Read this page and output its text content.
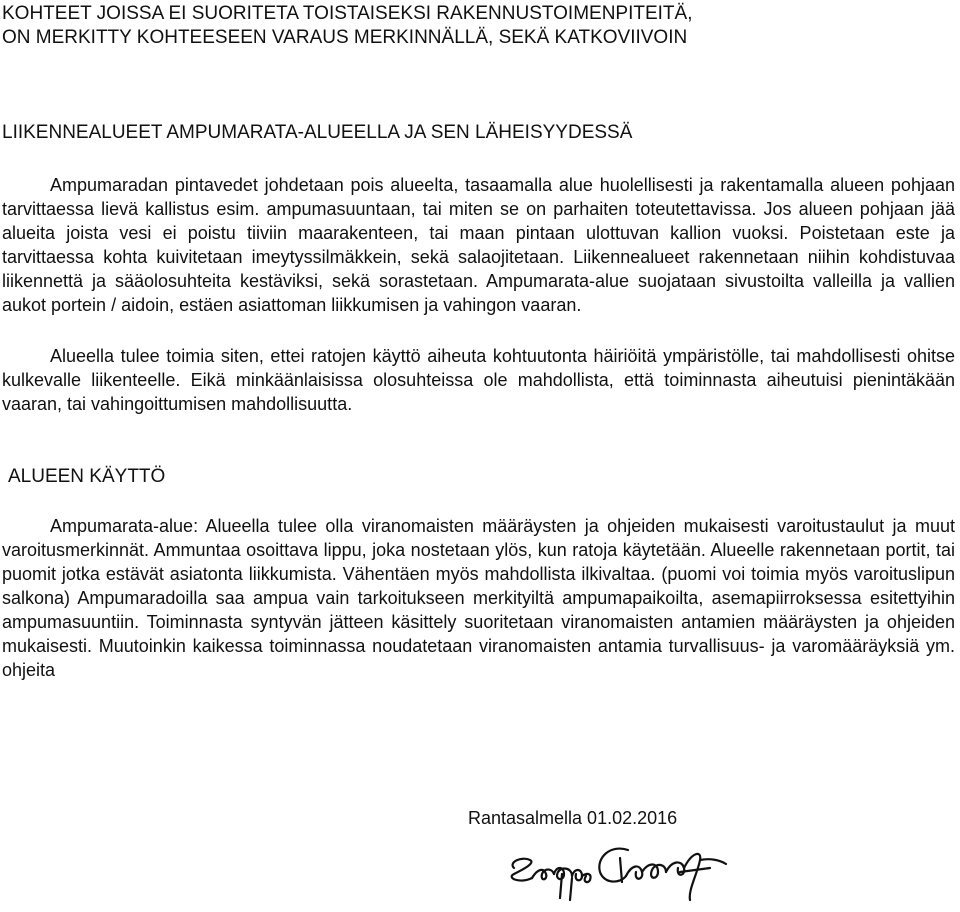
KOHTEET JOISSA EI SUORITETA TOISTAISEKSI RAKENNUSTOIMENPITEITÄ,
ON MERKITTY KOHTEESEEN VARAUS MERKINNÄLLÄ, SEKÄ KATKOVIIVOIN
LIIKENNEALUEET AMPUMARATA-ALUEELLA JA SEN LÄHEISYYDESSÄ

Ampumaradan pintavedet johdetaan pois alueelta, tasaamalla alue huolellisesti ja rakentamalla alueen pohjaan tarvittaessa lievä kallistus esim. ampumasuuntaan, tai miten se on parhaiten toteutettavissa. Jos alueen pohjaan jää alueita joista vesi ei poistu tiiviin maarakenteen, tai maan pintaan ulottuvan kallion vuoksi. Poistetaan este ja tarvittaessa kohta kuivitetaan imeytyssilmäkkein, sekä salaojitetaan. Liikennealueet rakennetaan niihin kohdistuvaa liikennettä ja sääolosuhteita kestäviksi, sekä sorastetaan. Ampumarata-alue suojataan sivustoilta valleilla ja vallien aukot portein / aidoin, estäen asiattoman liikkumisen ja vahingon vaaran.

Alueella tulee toimia siten, ettei ratojen käyttö aiheuta kohtuutonta häiriöitä ympäristölle, tai mahdollisesti ohitse kulkevalle liikenteelle. Eikä minkäänlaisissa olosuhteissa ole mahdollista, että toiminnasta aiheutuisi pienintäkään vaaran, tai vahingoittumisen mahdollisuutta.

ALUEEN KÄYTTÖ

Ampumarata-alue: Alueella tulee olla viranomaisten määräysten ja ohjeiden mukaisesti varoitustaulut ja muut varoitusmerkinnät. Ammuntaa osoittava lippu, joka nostetaan ylös, kun ratoja käytetään. Alueelle rakennetaan portit, tai puomit jotka estävät asiatonta liikkumista. Vähentäen myös mahdollista ilkivaltaa. (puomi voi toimia myös varoituslipun salkona) Ampumaradoilla saa ampua vain tarkoitukseen merkityiltä ampumapaikoilta, asemapiirroksessa esitettyihin ampumasuuntiin. Toiminnasta syntyvän jätteen käsittely suoritetaan viranomaisten antamien määräysten ja ohjeiden mukaisesti. Muutoinkin kaikessa toiminnassa noudatetaan viranomaisten antamia turvallisuus- ja varomääräyksiä ym. ohjeita

Rantasalmella 01.02.2016
